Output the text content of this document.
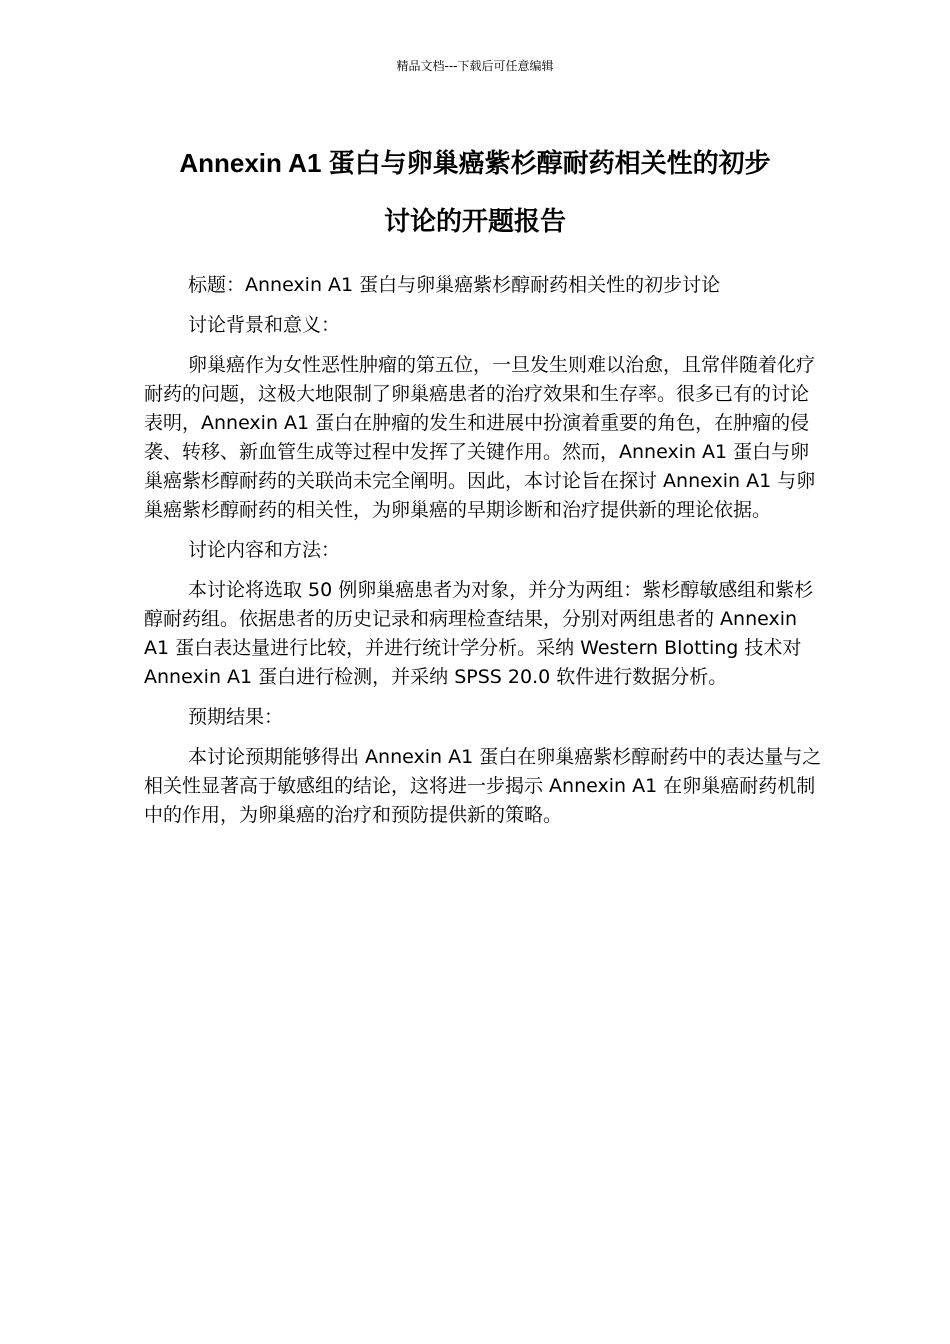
精品文档---下载后可任意编辑
Annexin A1 蛋白与卵巢癌紫杉醇耐药相关性的初步
讨论的开题报告

标题：Annexin A1 蛋白与卵巢癌紫杉醇耐药相关性的初步讨论

讨论背景和意义：

卵巢癌作为女性恶性肿瘤的第五位，一旦发生则难以治愈，且常伴随着化疗耐药的问题，这极大地限制了卵巢癌患者的治疗效果和生存率。很多已有的讨论表明，Annexin A1 蛋白在肿瘤的发生和进展中扮演着重要的角色，在肿瘤的侵袭、转移、新血管生成等过程中发挥了关键作用。然而，Annexin A1 蛋白与卵巢癌紫杉醇耐药的关联尚未完全阐明。因此，本讨论旨在探讨 Annexin A1 与卵巢癌紫杉醇耐药的相关性，为卵巢癌的早期诊断和治疗提供新的理论依据。

讨论内容和方法：

本讨论将选取 50 例卵巢癌患者为对象，并分为两组：紫杉醇敏感组和紫杉醇耐药组。依据患者的历史记录和病理检查结果，分别对两组患者的 Annexin A1 蛋白表达量进行比较，并进行统计学分析。采纳 Western Blotting 技术对 Annexin A1 蛋白进行检测，并采纳 SPSS 20.0 软件进行数据分析。

预期结果：

本讨论预期能够得出 Annexin A1 蛋白在卵巢癌紫杉醇耐药中的表达量与之相关性显著高于敏感组的结论，这将进一步揭示 Annexin A1 在卵巢癌耐药机制中的作用，为卵巢癌的治疗和预防提供新的策略。
